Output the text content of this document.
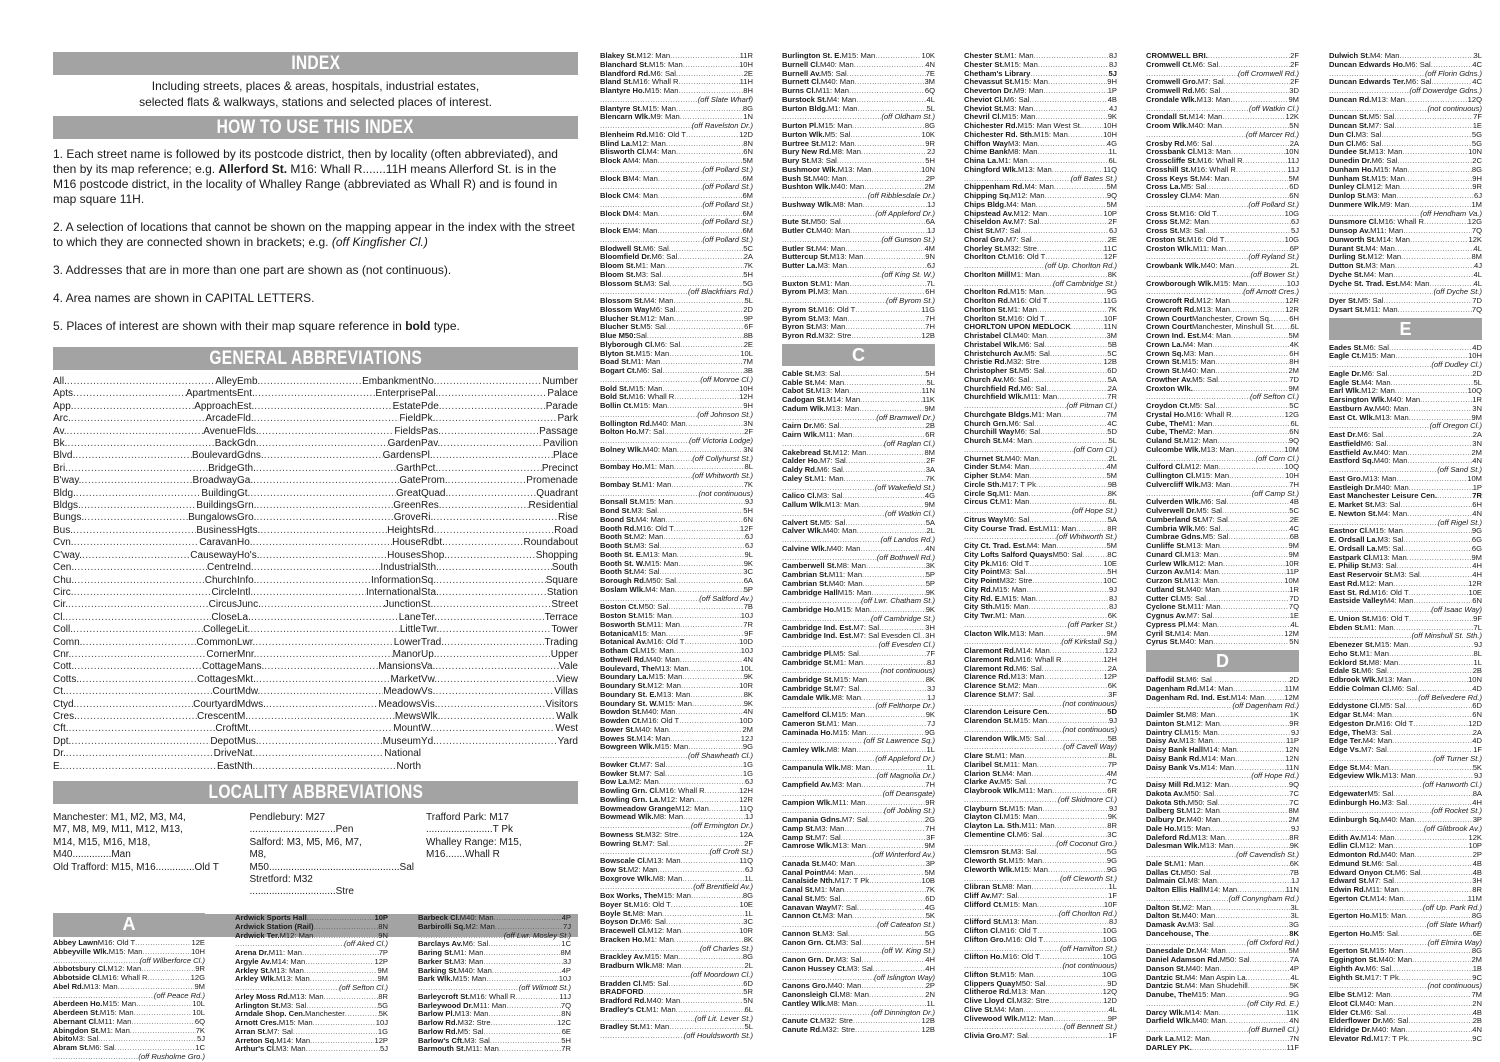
INDEX
Including streets, places & areas, hospitals, industrial estates,
selected flats & walkways, stations and selected places of interest.
HOW TO USE THIS INDEX

1. Each street name is followed by its postcode district, then by locality (often abbreviated), and then by its map reference; e.g. Allerford St. M16: Whall R.......11H means Allerford St. is in the M16 postcode district, in the locality of Whalley Range (abbreviated as Whall R) and is found in map square 11H.

2. A selection of locations that cannot be shown on the mapping appear in the index with the street to which they are connected shown in brackets; e.g. (off Kingfisher Cl.)

3. Addresses that are in more than one part are shown as (not continuous).

4. Area names are shown in CAPITAL LETTERS.

5. Places of interest are shown with their map square reference in bold type.

GENERAL ABBREVIATIONS
All.
.....	Alley
Apts
.....	Apartments
App.
.....	Approach
Arc.
.....	Arcade
Av.
.....	Avenue
Bk.
.....	Back
Blvd.
.....	Boulevard
Bri.
.....	Bridge
B'way.
.....	Broadway
Bldg.
.....	Building
Bldgs.
.....	Buildings
Bungs.
.....	Bungalows
Bus.
.....	Business
Cvn.
.....	Caravan
C'way.
.....	Causeway
Cen.
.....	Centre
Chu.
.....	Church
Circ.
.....	Circle
Cir.
.....	Circus
Cl.
.....	Close
Coll.
.....	College
Comn.
.....	Common
Cnr.
.....	Corner
Cott.
.....	Cottage
Cotts.
.....	Cottages
Ct.
.....	Court
Ctyd.
.....	Courtyard
Cres.
.....	Crescent
Cft.
.....	Croft
Dpt.
.....	Depot
Dr.
.....	Drive
E.
.....	East
Emb.
.....	Embankment
Ent.
.....	Enterprise
Est.
.....	Estate
Fld.
.....	Field
Flds.
.....	Fields
Gdn.
.....	Garden
Gdns.
.....	Gardens
Gth.
.....	Garth
Ga.
.....	Gate
Gt.
.....	Great
Grn.
.....	Green
Gro.
.....	Grove
Hgts.
.....	Heights
Ho.
.....	House
Ho's.
.....	Houses
Ind.
.....	Industrial
Info.
.....	Information
Intl.
.....	International
Junc.
.....	Junction
La.
.....	Lane
Lit.
.....	Little
Lwr.
.....	Lower
Mnr.
.....	Manor
Mans.
.....	Mansions
Mkt.
.....	Market
Mdw.
.....	Meadow
Mdws.
.....	Meadows
M.
.....	Mews
Mt.
.....	Mount
Mus.
.....	Museum
Nat.
.....	National
Nth.
.....	North
No.
.....	Number
Pal.
.....	Palace
Pde.
.....	Parade
Pk.
.....	Park
Pas.
.....	Passage
Pav.
.....	Pavilion
Pl.
.....	Place
Pct.
.....	Precinct
Prom.
.....	Promenade
Quad.
.....	Quadrant
Res.
.....	Residential
Ri.
.....	Rise
Rd.
.....	Road
Rdbt.
.....	Roundabout
Shop.
.....	Shopping
Sth.
.....	South
Sq.
.....	Square
Sta.
.....	Station
St.
.....	Street
Ter.
.....	Terrace
Twr.
.....	Tower
Trad.
.....	Trading
Up.
.....	Upper
Va.
.....	Vale
Vw.
.....	View
Vs.
.....	Villas
Vis.
.....	Visitors
Wlk.
.....	Walk
W.
.....	West
Yd.
.....	Yard
LOCALITY ABBREVIATIONS
Manchester: M1, M2, M3, M4,
M7, M8, M9, M11, M12, M13,
M14, M15, M16, M18, M40..............Man
Old Trafford: M15, M16..............Old T
Pendlebury: M27 ...............................Pen
Salford: M3, M5, M6, M7,
M8, M50...............................................Sal
Stretford: M32 ...............................Stre
Trafford Park: M17 ........................T Pk
Whalley Range: M15, M16.......Whall R
Blakey St. M12: Man
.....	11R
Blanchard St. M15: Man
.....	10H
Blandford Rd. M6: Sal
.....	2E
Bland St. M16: Whall R
.....	11H
Blantyre Ho. M15: Man
.....	8H
.....
(off Slate Wharf)
Blantyre St. M15: Man
.....	8G
Blencarn Wlk. M9: Man
.....	1N
.....
(off Ravelston Dr.)
Blenheim Rd. M16: Old T
.....	12D
Blind La. M12: Man
.....	8N
Blisworth Cl. M4: Man
.....	6N
Block A M4: Man
.....	5M
.....
(off Pollard St.)
Block B M4: Man
.....	6M
.....
(off Pollard St.)
Block C M4: Man
.....	6M
.....
(off Pollard St.)
Block D M4: Man
.....	6M
.....
(off Pollard St.)
Block E M4: Man
.....	6M
.....
(off Pollard St.)
Blodwell St. M6: Sal
.....	5C
Bloomfield Dr. M6: Sal
.....	2A
Bloom St. M1: Man
.....	7K
Bloom St. M3: Sal
.....	5H
Blossom St. M3: Sal
.....	5G
.....
(off Blackfriars Rd.)
Blossom St. M4: Man
.....	5L
Blossom Way M6: Sal
.....	2D
Blucher St. M12: Man
.....	9P
Blucher St. M5: Sal
.....	6F
Blue M50: Sal
.....	8B
Blyborough Cl. M6: Sal
.....	2E
Blyton St. M15: Man
.....	10L
Boad St. M1: Man
.....	7M
Bogart Ct. M6: Sal
.....	3B
.....
(off Monroe Cl.)
Bold St. M15: Man
.....	10H
Bold St. M16: Whall R
.....	12H
Bollin Ct. M15: Man
.....	9H
.....
(off Johnson St.)
Bollington Rd. M40: Man
.....	3N
Bolton Ho. M7: Sal
.....	2F
.....
(off Victoria Lodge)
Bolney Wlk. M40: Man
.....	3N
.....
(off Collyhurst St.)
Bombay Ho. M1: Man
.....	8L
.....
(off Whitworth St.)
Bombay St. M1: Man
.....	7K
.....
(not continuous)
Bonsall St. M15: Man
.....	9J
Bond St. M3: Sal
.....	5H
Boond St. M4: Man
.....	6N
Booth Rd. M16: Old T
.....	12F
Booth St. M2: Man
.....	6J
Booth St. M3: Sal
.....	6J
Booth St. E. M13: Man
.....	9L
Booth St. W. M15: Man
.....	9K
Booth St. M4: Sal
.....	3C
Borough Rd. M50: Sal
.....	6A
Boslam Wlk. M4: Man
.....	5P
.....
(off Saltford Av.)
Boston Ct. M50: Sal
.....	7B
Boston St. M15: Man
.....	10J
Bosworth St. M11: Man
.....	7R
Botanica M15: Man
.....	9F
Botanical Av. M16: Old T
.....	10D
Botham Cl. M15: Man
.....	10J
Bothwell Rd. M40: Man
.....	4N
Boulevard, The M13: Man
.....	10L
Boundary La. M15: Man
.....	9K
Boundary St. M12: Man
.....	10R
Boundary St. E. M13: Man
.....	8K
Boundary St. W. M15: Man
.....	9K
Bowdon St. M40: Man
.....	4N
Bowden Ct. M16: Old T
.....	10D
Bower St. M40: Man
.....	2M
Bowes St. M14: Man
.....	12J
Bowgreen Wlk. M15: Man
.....	9G
.....
(off Shawheath Cl.)
Bowker Ct. M7: Sal
.....	1G
Bowker St. M7: Sal
.....	1G
Bow La. M2: Man
.....	6J
Bowling Grn. Cl. M16: Whall R
.....	12H
Bowling Grn. La. M12: Man
.....	12R
Bowmeadow Grange M12: Man
.....	11Q
Bowmead Wlk. M8: Man
.....	1J
.....
(off Ermington Dr.)
Bowness St. M32: Stre
.....	12A
Bowring St. M7: Sal
.....	2F
.....
(off Croft St.)
Bowscale Cl. M13: Man
.....	11Q
Bow St. M2: Man
.....	6J
Boxgrove Wlk. M8: Man
.....	1L
.....
(off Brentfield Av.)
Box Works, The M15: Man
.....	8G
Boyer St. M16: Old T
.....	10E
Boyle St. M8: Man
.....	1L
Boyson Dr. M6: Sal
.....	3C
Bracewell Cl. M12: Man
.....	10R
Bracken Ho. M1: Man
.....	8K
.....
(off Charles St.)
Brackley Av. M15: Man
.....	8G
Bradburn Wlk. M8: Man
.....	2L
.....
(off Moordown Cl.)
Bradden Cl. M5: Sal
.....	6D
BRADFORD
.....	5R
Bradford Rd. M40: Man
.....	5N
Bradley's Ct. M1: Man
.....	6L
.....
(off Lit. Lever St.)
Bradley St. M1: Man
.....	5L
.....
(off Houldsworth St.)
Burlington St. E. M15: Man
.....	10K
Burnell Cl. M40: Man
.....	4N
Burnell Av. M5: Sal
.....	7E
Burnett Cl. M40: Man
.....	3M
Burns Cl. M11: Man
.....	6Q
Burstock St. M4: Man
.....	4L
Burton Bldg. M1: Man
.....	5L
.....
(off Oldham St.)
Burton Pl. M15: Man
.....	8G
Burton Wlk. M5: Sal
.....	10K
Burtree St. M12: Man
.....	9R
Bury New Rd. M8: Man
.....	2J
Bury St. M3: Sal
.....	5H
Bushmoor Wlk. M13: Man
.....	10N
Bush St. M40: Man
.....	2P
Bushton Wlk. M40: Man
.....	2M
.....
(off Ribblesdale Dr.)
Bushway Wlk. M8: Man
.....	1J
.....
(off Appleford Dr.)
Bute St. M50: Sal
.....	6A
Butler Ct. M40: Man
.....	1J
.....
(off Gunson St.)
Butler St. M4: Man
.....	4M
Buttercup St. M13: Man
.....	9N
Butter La. M3: Man
.....	6J
.....
(off King St. W.)
Buxton St. M1: Man
.....	7L
Byrom Pl. M3: Man
.....	6H
.....
(off Byrom St.)
Byrom St. M16: Old T
.....	11G
Byrom St. M3: Man
.....	7H
Byron St. M3: Man
.....	7H
Byron Rd. M32: Stre
.....	12B
C
Cable St. M3: Sal
.....	5H
Cable St. M4: Man
.....	5L
Cabot St. M13: Man
.....	11N
Cadogan St. M14: Man
.....	11K
Cadum Wlk. M13: Man
.....	9M
.....
(off Bramwell Dr.)
Cairn Dr. M6: Sal
.....	2B
Cairn Wlk. M11: Man
.....	6R
.....
(off Raglan Cl.)
Cakebread St. M12: Man
.....	8M
Calder Ho. M7: Sal
.....	2F
Caldy Rd. M6: Sal
.....	3A
Caley St. M1: Man
.....	7K
.....
(off Wakefield St.)
Calico Cl. M3: Sal
.....	4G
Callum Wlk. M13: Man
.....	9M
.....
(off Watkin Cl.)
Calvert St. M5: Sal
.....	5A
Calver Wlk. M40: Man
.....	2L
.....
(off Landos Rd.)
Calvine Wlk. M40: Man
.....	4N
.....
(off Bothwell Rd.)
Camberwell St. M8: Man
.....	3K
Cambrian St. M11: Man
.....	5P
Cambrian St. M40: Man
.....	5P
Cambridge Hall M15: Man
.....	9K
.....
(off Lwr. Chatham St.)
Cambridge Ho. M15: Man
.....	9K
.....
(off Cambridge St.)
Cambridge Ind. Est. M7: Sal
.....	3H
Cambridge Ind. Est. M7: Sal Evesden Cl
..... 3H
.....
(off Evesden Cl.)
Cambridge Pl. M5: Sal
.....	7F
Cambridge St. M1: Man
.....	8J
.....
(not continuous)
Cambridge St. M15: Man
.....	8K
Cambridge St. M7: Sal
.....	3J
Camdale Wlk. M8: Man
.....	1J
.....
(off Felthorpe Dr.)
Camelford Cl. M15: Man
.....	9K
Cameron St. M1: Man
.....	7J
Caminada Ho. M15: Man
.....	9G
.....
(off St Lawrence Sq.)
Camley Wlk. M8: Man
.....	1L
.....
(off Appleford Dr.)
Campanula Wlk. M8: Man
.....	1L
.....
(off Magnolia Dr.)
Campfield Av. M3: Man
.....	7H
.....
(off Deansgate)
Campion Wlk. M11: Man
.....	9R
.....
(off Jobling St.)
Campania Gdns. M7: Sal
.....	2G
Camp St. M3: Man
.....	7H
Camp St. M7: Sal
.....	3F
Camrose Wlk. M13: Man
.....	9M
.....
(off Winterford Av.)
Canada St. M40: Man
.....	3P
Canal Point M4: Man
.....	5M
Canalside Nth. M17: T Pk
.....	10B
Canal St. M1: Man
.....	7K
Canal St. M5: Sal
.....	6D
Canavan Way M7: Sal
.....	4G
Cannon Ct. M3: Man
.....	5K
.....
(off Cateaton St.)
Cannon St. M3: Sal
.....	5G
Canon Grn. Ct. M3: Sal
.....	5H
.....
(off W. King St.)
Canon Grn. Dr. M3: Sal
.....	4H
Canon Hussey Ct. M3: Sal
.....	4H
.....
(off Islington Way)
Canons Gro. M40: Man
.....	2P
Canonsleigh Cl. M8: Man
.....	2N
Cantley Wlk. M8: Man
.....	1L
.....
(off Dinnington Dr.)
Canute Ct. M32: Stre
.....	12B
Canute Rd. M32: Stre
.....	12B
Chester St. M1: Man
.....	8J
Chester St. M15: Man
.....	8J
Chetham's Library
.....	5J
Chevassut St. M15: Man
.....	9H
Cheverton Dr. M9: Man
.....	1P
Cheviot Cl. M6: Sal
.....	4B
Cheviot St. M3: Man
.....	4J
Chevril Cl. M15: Man
.....	9K
Chichester Rd. M15: Man West St.
.....	10H
Chichester Rd. Sth. M15: Man
.....	10H
Chiffon Way M3: Man
.....	4G
Chime Bank M8: Man
.....	1L
China La. M1: Man
.....	6L
Chingford Wlk. M13: Man
.....	11Q
.....
(off Bates St.)
Chippenham Rd. M4: Man
.....	5M
Chipping Sq. M12: Man
.....	9Q
Chips Bldg. M4: Man
.....	5M
Chipstead Av. M12: Man
.....	10P
Chiseldon Av. M7: Sal
.....	2F
Chist St. M7: Sal
.....	6J
Choral Gro. M7: Sal
.....	2E
Chorley St. M32: Stre
.....	11C
Chorlton Ct. M16: Old T
.....	12F
.....
(off Up. Chorlton Rd.)
Chorlton Mill M1: Man
.....	8K
.....
(off Cambridge St.)
Chorlton Rd. M15: Man
.....	9G
Chorlton Rd. M16: Old T
.....	11G
Chorlton St. M1: Man
.....	7K
Chorlton St. M16: Old T
.....	10F
CHORLTON UPON MEDLOCK
.....	11N
Christabel Cl. M40: Man
.....	3M
Christabel Wlk. M6: Sal
.....	5B
Christchurch Av. M5: Sal
.....	5C
Christie Rd. M32: Stre
.....	12B
Christopher St. M5: Sal
.....	6D
Church Av. M6: Sal
.....	5A
Churchfield Rd. M6: Sal
.....	2A
Churchfield Wlk. M11: Man
.....	7R
.....
(off Pitman Cl.)
Churchgate Bldgs. M1: Man
.....	7M
Church Grn. M6: Sal
.....	4C
Churchill Way M6: Sal
.....	5D
Church St. M4: Man
.....	5L
.....
(off Corn Cl.)
Churnet St. M40: Man
.....	2L
Cinder St. M4: Man
.....	4M
Cipher St. M4: Man
.....	5M
Circle Sth. M17: T Pk
.....	9B
Circle Sq. M1: Man
.....	8K
Circus Ct. M1: Man
.....	6L
.....
(off Hope St.)
Citrus Way M6: Sal
.....	5A
City Course Trad. Est. M11: Man
.....	8R
.....
(off Whitworth St.)
City Ct. Trad. Est. M4: Man
.....	5M
City Lofts Salford Quays M50: Sal
.....	8C
City Pk. M16: Old T
.....	10E
City Point M3: Sal
.....	5H
City Point M32: Stre
.....	10C
City Rd. M15: Man
.....	9J
City Rd. E. M15: Man
.....	8J
City Sth. M15: Man
.....	8J
City Twr. M1: Man
.....	6K
.....
(off Parker St.)
Clacton Wlk. M13: Man
.....	9M
.....
(off Kirkstall Sq.)
Claremont Rd. M14: Man
.....	12J
Claremont Rd. M16: Whall R
.....	12H
Claremont Rd. M6: Sal
.....	2A
Clarence Rd. M13: Man
.....	12P
Clarence St. M2: Man
.....	6K
Clarence St. M7: Sal
.....	3F
.....
(not continuous)
Clarendon Leisure Cen.
.....	5D
Clarendon St. M15: Man
.....	9J
.....
(not continuous)
Clarendon Wlk. M5: Sal
.....	5B
.....
(off Cavell Way)
Clare St. M1: Man
.....	8L
Claribel St. M11: Man
.....	7P
Clarion St. M4: Man
.....	4M
Clarke Av. M5: Sal
.....	7C
Claybrook Wlk. M11: Man
.....	6R
.....
(off Skidmore Cl.)
Clayburn St. M15: Man
.....	9J
Clayton Cl. M15: Man
.....	9K
Clayton La. Sth. M11: Man
.....	8R
Clementine Cl. M6: Sal
.....	3C
.....
(off Coconut Gro.)
Clemsron St. M3: Sal
.....	5G
Cleworth St. M15: Man
.....	9G
Cleworth Wlk. M15: Man
.....	9G
.....
(off Cleworth St.)
Clibran St. M8: Man
.....	1L
Cliff Av. M7: Sal
.....	1F
Clifford Ct. M15: Man
.....	10F
.....
(off Chorlton Rd.)
Clifford St. M13: Man
.....	8J
Clifton Cl. M16: Old T
.....	10G
Clifton Gro. M16: Old T
.....	10G
.....
(off Hamilton St.)
Clifton Ho. M16: Old T
.....	10G
.....
(not continuous)
Clifton St. M15: Man
.....	10G
Clippers Quay M50: Sal
.....	9D
Clitheroe Rd. M13: Man
.....	12Q
Clive Lloyd Cl. M32: Stre
.....	12D
Clive St. M4: Man
.....	4L
Clivewood Wlk. M12: Man
.....	9P
.....
(off Bennett St.)
Clivia Gro. M7: Sal
.....	1F
CROMWELL BRI.
.....	2F
Cromwell Ct. M6: Sal
.....	2F
.....
(off Cromwell Rd.)
Cromwell Gro. M7: Sal
.....	2F
Cromwell Rd. M6: Sal
.....	3D
Crondale Wlk. M13: Man
.....	9M
.....
(off Watkin Cl.)
Crondall St. M14: Man
.....	12K
Croom Wlk. M40: Man
.....	5N
.....
(off Marcer Rd.)
Crosby Rd. M6: Sal
.....	2A
Crossbank Cl. M13: Man
.....	10N
Crosscliffe St. M16: Whall R
.....	11J
Crosshill St. M16: Whall R
.....	11J
Cross Keys St. M4: Man
.....	5M
Cross La. M5: Sal
.....	6D
Crossley Cl. M4: Man
.....	6N
.....
(off Pollard St.)
Cross St. M16: Old T
.....	10G
Cross St. M2: Man
.....	6J
Cross St. M3: Sal
.....	5J
Croston St. M16: Old T
.....	10G
Croston Wlk. M11: Man
.....	6P
.....
(off Ryland St.)
Crowbank Wlk. M40: Man
.....	2L
.....
(off Bower St.)
Crowborough Wlk. M15: Man
.....	10J
.....
(off Arnott Cres.)
Crowcroft Rd. M12: Man
.....	12R
Crowcroft Rd. M13: Man
.....	12R
Crown Court Manchester, Crown Sq.
..... 6H
Crown Court Manchester, Minshull St.
..... 6L
Crown Ind. Est. M4: Man
.....	5M
Crown La. M4: Man
.....	4K
Crown Sq. M3: Man
.....	6H
Crown St. M15: Man
.....	8H
Crown St. M40: Man
.....	2M
Crowther Av. M5: Sal
.....	7D
Croxton Wlk.
.....	9M
.....
(off Sefton Cl.)
Croydon Ct. M5: Sal
.....	5C
Crystal Ho. M16: Whall R
.....	12G
Cube, The M1: Man
.....	6L
Cube, The M2: Man
.....	6N
Culand St. M12: Man
.....	9Q
Culcombe Wlk. M13: Man
.....	10M
.....
(off Corn Cl.)
Culford Cl. M12: Man
.....	10Q
Cullington Cl. M15: Man
.....	10H
Culvercliff Wlk. M3: Man
.....	7H
.....
(off Camp St.)
Culverden Wlk. M6: Sal
.....	4B
Culverwell Dr. M5: Sal
.....	5C
Cumberland St. M7: Sal
.....	2E
Cumbria Wlk. M6: Sal
.....	4C
Cumbraе Gdns. M5: Sal
.....	6B
Cunliffe St. M13: Man
.....	9M
Cunard Cl. M13: Man
.....	9M
Curlew Wlk. M12: Man
.....	10R
Curzon Av. M14: Man
.....	11P
Curzon St. M13: Man
.....	10M
Cutland St. M40: Man
.....	1R
Cutter Cl. M5: Sal
.....	7D
Cyclone St. M11: Man
.....	7Q
Cygnus Av. M7: Sal
.....	1E
Cypress Pl. M4: Man
.....	4L
Cyril St. M14: Man
.....	12M
Cyrus St. M40: Man
.....	5N
D
Daffodil St. M6: Sal
.....	2D
Dagenham Rd. M14: Man
.....	11M
Dagenham Rd. Ind. Est. M14: Man
.....	12M
.....
(off Dagenham Rd.)
Daimler St. M8: Man
.....	1K
Dainton St. M12: Man
.....	9R
Daintry Cl. M15: Man
.....	9J
Daisy Av. M13: Man
.....	11P
Daisy Bank Hall M14: Man
.....	12N
Daisy Bank Rd. M14: Man
.....	12N
Daisy Bank Vs. M14: Man
.....	11N
.....
(off Hope Rd.)
Daisy Mill Rd. M12: Man
.....	9Q
Dakota Av. M50: Sal
.....	7C
Dakota Sth. M50: Sal
.....	7C
Dalberg St. M12: Man
.....	8M
Dalbury Dr. M40: Man
.....	2M
Dale Ho. M15: Man
.....	9J
Daleford Rd. M13: Man
.....	8R
Dalesman Wlk. M13: Man
.....	9K
.....
(off Cavendish St.)
Dale St. M1: Man
.....	6K
Dallas Ct. M50: Sal
.....	7B
Dalmain Cl. M8: Man
.....	1J
Dalton Ellis Hall M14: Man
.....	11N
.....
(off Conyngham Rd.)
Dalton St. M2: Man
.....	3L
Dalton St. M40: Man
.....	3L
Damask Av. M3: Sal
.....	3G
Dancehouse, The
.....	8K
.....
(off Oxford Rd.)
Danesdale Dr. M4: Man
.....	5M
Daniel Adamson Rd. M50: Sal
.....	7A
Danson St. M40: Man
.....	4P
Dantzic St. M4: Man Aspin La.
.....	4L
Dantzic St. M4: Man Shudehill
.....	5K
Danube, The M15: Man
.....	9G
.....
(off City Rd. E.)
Darcy Wlk. M14: Man
.....	11K
Darfield Wlk. M40: Man
.....	4N
.....
(off Burnell Cl.)
Dark La. M12: Man
.....	7N
DARLEY PK.
.....	11F
Dulwich St. M4: Man
.....	3L
Duncan Edwards Ho. M6: Sal
.....	4C
.....
(off Florin Gdns.)
Duncan Edwards Ter. M6: Sal
.....	4C
.....
(off Dowerdge Gdns.)
Duncan Rd. M13: Man
.....	12Q
.....
(not continuous)
Duncan St. M5: Sal
.....	7F
Duncan St. M7: Sal
.....	1E
Dun Cl. M3: Sal
.....	5G
Dun Cl. M6: Sal
.....	5G
Dundee St. M13: Man
.....	10N
Dunedin Dr. M6: Sal
.....	2C
Dunham Ho. M15: Man
.....	8G
Dunham St. M15: Man
.....	9H
Dunley Cl. M12: Man
.....	9R
Dunlop St. M3: Man
.....	6J
Dunmere Wlk. M9: Man
.....	1M
.....
(off Hendham Va.)
Dunsmore Cl. M16: Whall R
.....	12G
Dunsop Av. M11: Man
.....	7Q
Dunworth St. M14: Man
.....	12K
Durant St. M4: Man
.....	4L
Durling St. M12: Man
.....	8M
Dutton St. M3: Man
.....	4J
Dyche St. M4: Man
.....	4L
Dyche St. Trad. Est. M4: Man
.....	4L
.....
(off Dyche St.)
Dyer St. M5: Sal
.....	7D
Dysart St. M11: Man
.....	7Q
E
Eades St. M6: Sal
.....	4D
Eagle Ct. M15: Man
.....	10H
.....
(off Dudley Cl.)
Eagle Dr. M6: Sal
.....	2D
Eagle St. M4: Man
.....	5L
Earl Wlk. M12: Man
.....	10Q
Earsington Wlk. M40: Man
.....	1R
Eastburn Av. M40: Man
.....	3N
East Ct. Wlk. M13: Man
.....	9M
.....
(off Oregon Cl.)
East Dr. M6: Sal
.....	2A
Eastfield M6: Sal
.....	3N
Eastfield Av. M40: Man
.....	2M
Eastford Sq. M40: Man
.....	4N
.....
(off Sand St.)
East Gro. M13: Man
.....	10M
Eastleigh Dr. M40: Man
.....	1P
East Manchester Leisure Cen.
.....	7R
E. Market St. M3: Sal
.....	6H
E. Newton St. M4: Man
.....	4N
.....
(off Rigel St.)
Eastnor Cl. M15: Man
.....	9G
E. Ordsall La. M3: Sal
.....	6G
E. Ordsall La. M5: Sal
.....	6G
Eastpark Cl. M13: Man
.....	9M
E. Philip St. M3: Sal
.....	4H
East Reservoir St. M3: Sal
.....	4H
East Rd. M12: Man
.....	12R
East St. Rd. M16: Old T
.....	10E
Eastside Valley M4: Man
.....	6N
.....
(off Isaac Way)
E. Union St. M16: Old T
.....	9F
Ebden St. M1: Man
.....	7L
.....
(off Minshull St. Sth.)
Ebenezer St. M15: Man
.....	9J
Echo St. M1: Man
.....	8L
Ecklord St. M8: Man
.....	1L
Edale St. M6: Sal
.....	2B
Edbrook Wlk. M13: Man
.....	10N
Eddie Colman Cl. M6: Sal
.....	4D
.....
(off Belvedere Rd.)
Eddystone Cl. M5: Sal
.....	6D
Edgar St. M4: Man
.....	6N
Edgeston Dr. M16: Old T
.....	12D
Edge, The M3: Sal
.....	2A
Edge Ter. M4: Man
.....	4D
Edge Vs. M7: Sal
.....	1F
.....
(off Turner St.)
Edge St. M4: Man
.....	5K
Edgeview Wlk. M13: Man
.....	9J
.....
(off Hanworth Cl.)
Edgewater M5: Sal
.....	8A
Edinburgh Ho. M3: Sal
.....	4H
.....
(off Rocket St.)
Edinburgh Sq. M40: Man
.....	3P
.....
(off Glitbrook Av.)
Edith Av. M14: Man
.....	12K
Edlin Cl. M12: Man
.....	10P
Edmonton Rd. M40: Man
.....	2P
Edmund St. M6: Sal
.....	4B
Edward Onyon Ct. M6: Sal
.....	4B
Edward St. M7: Sal
.....	3H
Edwin Rd. M11: Man
.....	8R
Egerton Ct. M14: Man
.....	11M
.....
(off Up. Park Rd.)
Egerton Ho. M15: Man
.....	8G
.....
(off Slate Wharf)
Egerton Ho. M5: Sal
.....	6E
.....
(off Elmira Way)
Egerton St. M15: Man
.....	8G
Eggington St. M40: Man
.....	2M
Eighth Av. M6: Sal
.....	1B
Eighth St. M17: T Pk
.....	9C
.....
(not continuous)
Elbe St. M12: Man
.....	7M
Elcot Cl. M40: Man
.....	2N
Elder Ct. M6: Sal
.....	4B
Elderflower Dr. M6: Sal
.....	2B
Eldridge Dr. M40: Man
.....	4N
Elevator Rd. M17: T Pk
.....	9C
A
Abbey Lawn M16: Old T
.....	12E
Abbeyville Wlk. M15: Man
.....	10H
.....
(off Wilberforce Cl.)
Abbotsbury Cl. M12: Man
.....	9R
Abbotside Cl. M16: Whall R
.....	12G
Abel Rd. M13: Man
.....	9M
.....
(off Peace Rd.)
Aberdeen Ho. M15: Man
.....	10L
Aberdeen St. M15: Man
.....	10L
Abernant Cl. M11: Man
.....	6Q
Abingdon St. M1: Man
.....	7K
Abito M3: Sal
.....	5J
Abram St. M6: Sal
.....	1C
.....
(off Rusholme Gro.)
Ardwick Sports Hall
.....	10P
Ardwick Station (Rail)
.....	8N
Ardwick Ter. M12: Man
.....	9N
.....
(off Aked Cl.)
Arena Dr. M11: Man
.....	7P
Argyle Av. M14: Man
.....	12P
Arkley St. M13: Man
.....	9M
Arkley Wlk. M13: Man
.....	9M
.....
(off Sefton Cl.)
Arley Moss Rd. M13: Man
.....	8R
Arlington St. M3: Sal
.....	5G
Arndale Shop. Cen. Manchester
.....	5K
Arnott Cres. M15: Man
.....	10J
Arran St. M7: Sal
.....	1G
Arreton Sq. M14: Man
.....	12P
Arthur's Cl. M3: Man
.....	5J
Barbeck Cl. M40: Man
.....	4P
Barbirolli Sq. M2: Man
.....	7J
.....
(off Lwr. Mosley St.)
Barclays Av. M6: Sal
.....	1C
Baring St. M1: Man
.....	8M
Barker St. M3: Man
.....	3J
Barking St. M40: Man
.....	4P
Bark Wlk. M15: Man
.....	10J
.....
(off Wilmott St.)
Barleycroft St. M16: Whall R
.....	11J
Barleywood Dr. M11: Man
.....	7Q
Barlow Pl. M13: Man
.....	8N
Barlow Rd. M32: Stre
.....	12C
Barlow Rd. M5: Sal
.....	6E
Barlow's Cft. M3: Sal
.....	5H
Barmouth St. M11: Man
.....	7R
